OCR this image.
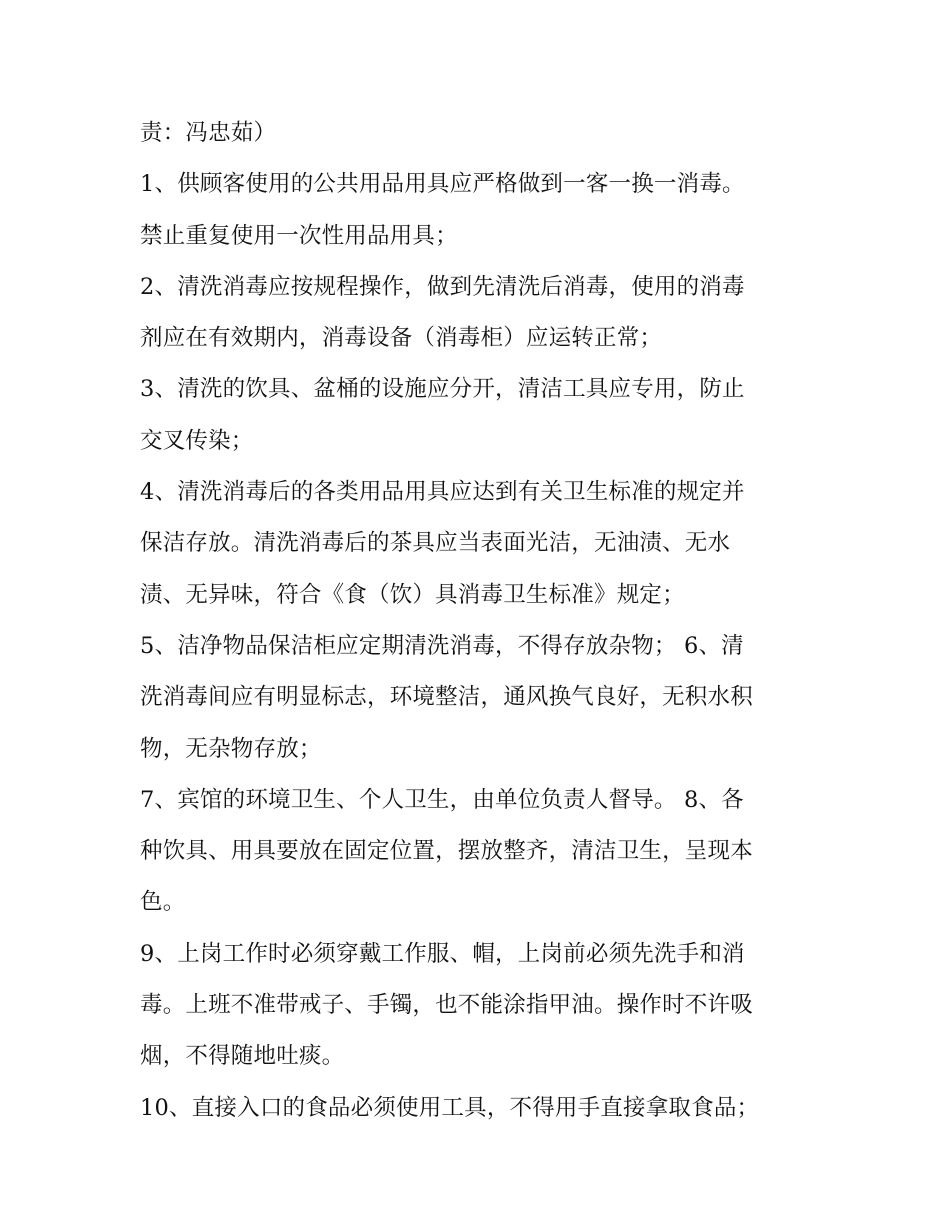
责：冯忠茹）
1、供顾客使用的公共用品用具应严格做到一客一换一消毒。
禁止重复使用一次性用品用具；
2、清洗消毒应按规程操作，做到先清洗后消毒，使用的消毒
剂应在有效期内，消毒设备（消毒柜）应运转正常；
3、清洗的饮具、盆桶的设施应分开，清洁工具应专用，防止
交叉传染；
4、清洗消毒后的各类用品用具应达到有关卫生标准的规定并
保洁存放。清洗消毒后的茶具应当表面光洁，无油渍、无水
渍、无异味，符合《食（饮）具消毒卫生标准》规定；
5、洁净物品保洁柜应定期清洗消毒，不得存放杂物； 6、清
洗消毒间应有明显标志，环境整洁，通风换气良好，无积水积
物，无杂物存放；
7、宾馆的环境卫生、个人卫生，由单位负责人督导。 8、各
种饮具、用具要放在固定位置，摆放整齐，清洁卫生，呈现本
色。
9、上岗工作时必须穿戴工作服、帽，上岗前必须先洗手和消
毒。上班不准带戒子、手镯，也不能涂指甲油。操作时不许吸
烟，不得随地吐痰。
10、直接入口的食品必须使用工具，不得用手直接拿取食品；
